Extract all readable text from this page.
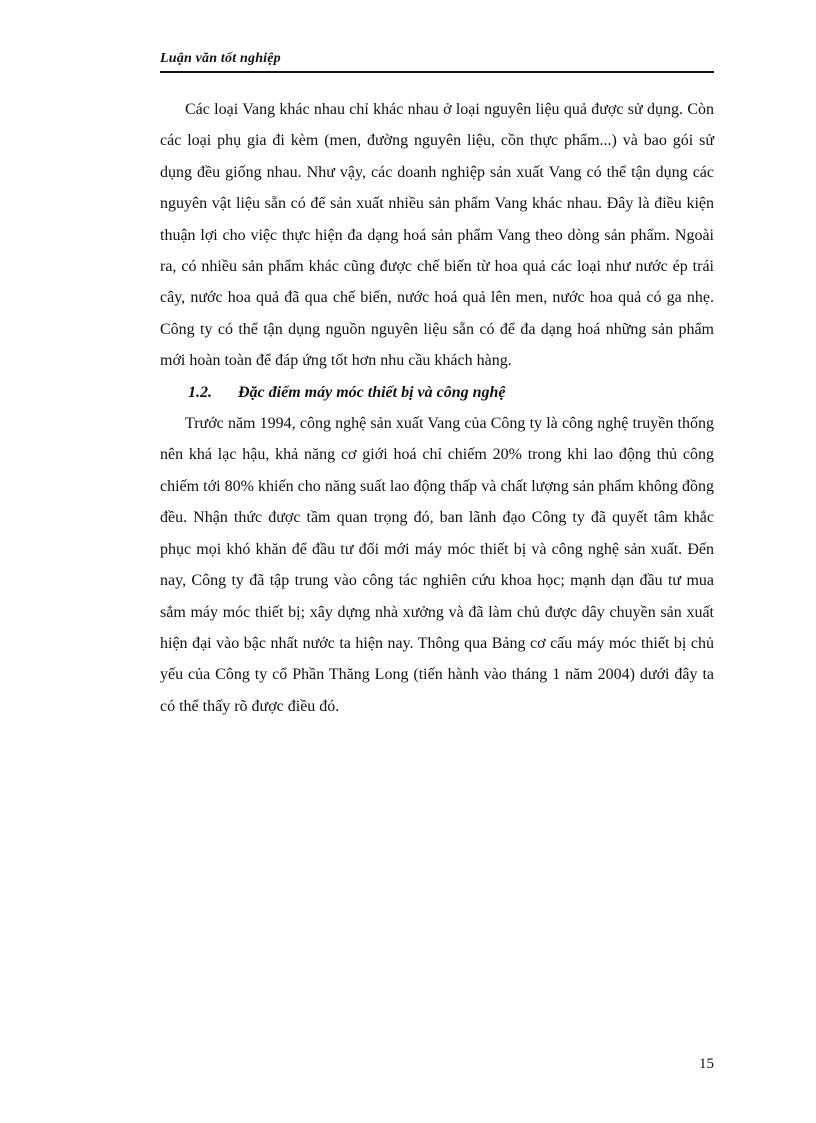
Luận văn tốt nghiệp

Các loại Vang khác nhau chỉ khác nhau ở loại nguyên liệu quả được sử dụng. Còn các loại phụ gia đi kèm (men, đường nguyên liệu, cồn thực phẩm...) và bao gói sử dụng đều giống nhau. Như vậy, các doanh nghiệp sản xuất Vang có thể tận dụng các nguyên vật liệu sẵn có để sản xuất nhiều sản phẩm Vang khác nhau. Đây là điều kiện thuận lợi cho việc thực hiện đa dạng hoá sản phẩm Vang theo dòng sản phẩm. Ngoài ra, có nhiều sản phẩm khác cũng được chế biến từ hoa quả các loại như nước ép trái cây, nước hoa quả đã qua chế biến, nước hoá quả lên men, nước hoa quả có ga nhẹ. Công ty có thể tận dụng nguồn nguyên liệu sẵn có để đa dạng hoá những sản phẩm mới hoàn toàn để đáp ứng tốt hơn nhu cầu khách hàng.

1.2. Đặc điểm máy móc thiết bị và công nghệ

Trước năm 1994, công nghệ sản xuất Vang của Công ty là công nghệ truyền thống nên khá lạc hậu, khả năng cơ giới hoá chỉ chiếm 20% trong khi lao động thủ công chiếm tới 80% khiến cho năng suất lao động thấp và chất lượng sản phẩm không đồng đều. Nhận thức được tầm quan trọng đó, ban lãnh đạo Công ty đã quyết tâm khắc phục mọi khó khăn để đầu tư đổi mới máy móc thiết bị và công nghệ sản xuất. Đến nay, Công ty đã tập trung vào công tác nghiên cứu khoa học; mạnh dạn đầu tư mua sắm máy móc thiết bị; xây dựng nhà xưởng và đã làm chủ được dây chuyền sản xuất hiện đại vào bậc nhất nước ta hiện nay. Thông qua Bảng cơ cấu máy móc thiết bị chủ yếu của Công ty cổ Phần Thăng Long (tiến hành vào tháng 1 năm 2004) dưới đây ta có thể thấy rõ được điều đó.

15
